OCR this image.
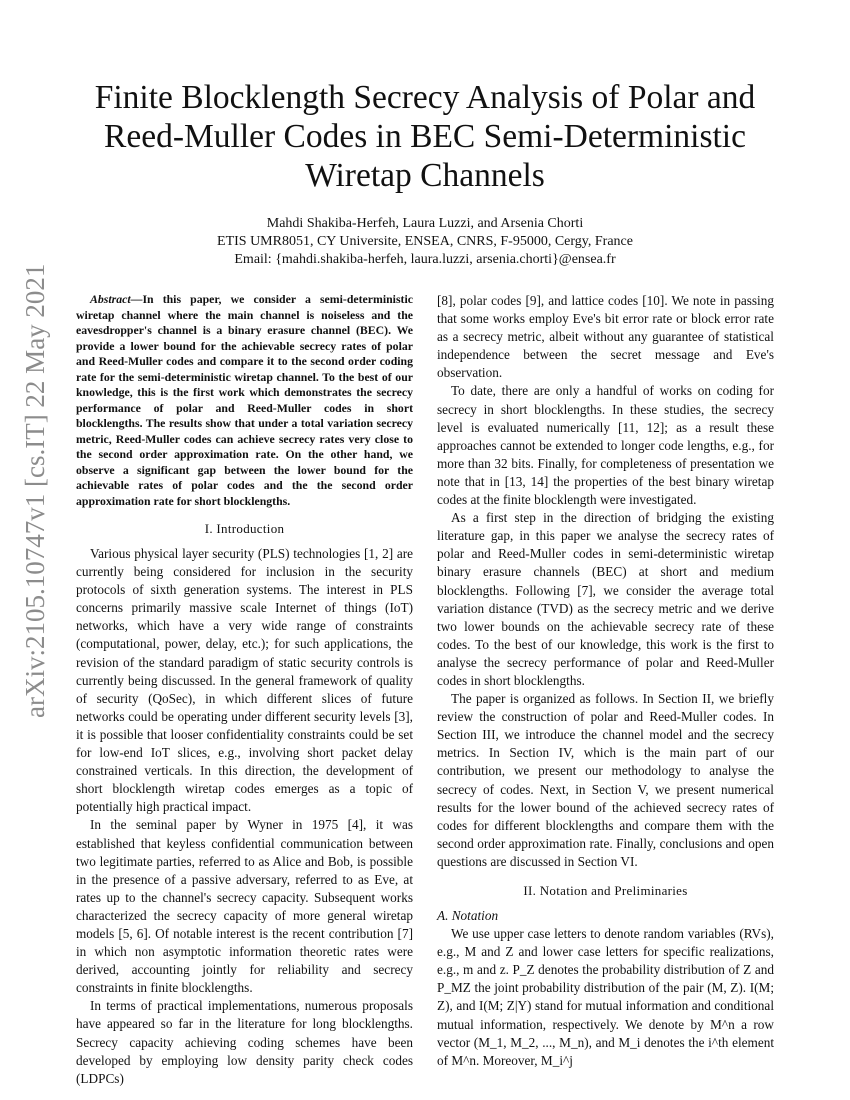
arXiv:2105.10747v1 [cs.IT] 22 May 2021
Finite Blocklength Secrecy Analysis of Polar and Reed-Muller Codes in BEC Semi-Deterministic Wiretap Channels
Mahdi Shakiba-Herfeh, Laura Luzzi, and Arsenia Chorti
ETIS UMR8051, CY Universite, ENSEA, CNRS, F-95000, Cergy, France
Email: {mahdi.shakiba-herfeh, laura.luzzi, arsenia.chorti}@ensea.fr

Abstract—In this paper, we consider a semi-deterministic wiretap channel where the main channel is noiseless and the eavesdropper's channel is a binary erasure channel (BEC). We provide a lower bound for the achievable secrecy rates of polar and Reed-Muller codes and compare it to the second order coding rate for the semi-deterministic wiretap channel. To the best of our knowledge, this is the first work which demonstrates the secrecy performance of polar and Reed-Muller codes in short blocklengths. The results show that under a total variation secrecy metric, Reed-Muller codes can achieve secrecy rates very close to the second order approximation rate. On the other hand, we observe a significant gap between the lower bound for the achievable rates of polar codes and the the second order approximation rate for short blocklengths.

I. Introduction

Various physical layer security (PLS) technologies [1, 2] are currently being considered for inclusion in the security protocols of sixth generation systems. The interest in PLS concerns primarily massive scale Internet of things (IoT) networks, which have a very wide range of constraints (computational, power, delay, etc.); for such applications, the revision of the standard paradigm of static security controls is currently being discussed. In the general framework of quality of security (QoSec), in which different slices of future networks could be operating under different security levels [3], it is possible that looser confidentiality constraints could be set for low-end IoT slices, e.g., involving short packet delay constrained verticals. In this direction, the development of short blocklength wiretap codes emerges as a topic of potentially high practical impact.

In the seminal paper by Wyner in 1975 [4], it was established that keyless confidential communication between two legitimate parties, referred to as Alice and Bob, is possible in the presence of a passive adversary, referred to as Eve, at rates up to the channel's secrecy capacity. Subsequent works characterized the secrecy capacity of more general wiretap models [5, 6]. Of notable interest is the recent contribution [7] in which non asymptotic information theoretic rates were derived, accounting jointly for reliability and secrecy constraints in finite blocklengths.

In terms of practical implementations, numerous proposals have appeared so far in the literature for long blocklengths. Secrecy capacity achieving coding schemes have been developed by employing low density parity check codes (LDPCs)

[8], polar codes [9], and lattice codes [10]. We note in passing that some works employ Eve's bit error rate or block error rate as a secrecy metric, albeit without any guarantee of statistical independence between the secret message and Eve's observation.

To date, there are only a handful of works on coding for secrecy in short blocklengths. In these studies, the secrecy level is evaluated numerically [11, 12]; as a result these approaches cannot be extended to longer code lengths, e.g., for more than 32 bits. Finally, for completeness of presentation we note that in [13, 14] the properties of the best binary wiretap codes at the finite blocklength were investigated.

As a first step in the direction of bridging the existing literature gap, in this paper we analyse the secrecy rates of polar and Reed-Muller codes in semi-deterministic wiretap binary erasure channels (BEC) at short and medium blocklengths. Following [7], we consider the average total variation distance (TVD) as the secrecy metric and we derive two lower bounds on the achievable secrecy rate of these codes. To the best of our knowledge, this work is the first to analyse the secrecy performance of polar and Reed-Muller codes in short blocklengths.

The paper is organized as follows. In Section II, we briefly review the construction of polar and Reed-Muller codes. In Section III, we introduce the channel model and the secrecy metrics. In Section IV, which is the main part of our contribution, we present our methodology to analyse the secrecy of codes. Next, in Section V, we present numerical results for the lower bound of the achieved secrecy rates of codes for different blocklengths and compare them with the second order approximation rate. Finally, conclusions and open questions are discussed in Section VI.

II. Notation and Preliminaries

A. Notation

We use upper case letters to denote random variables (RVs), e.g., M and Z and lower case letters for specific realizations, e.g., m and z. P_Z denotes the probability distribution of Z and P_MZ the joint probability distribution of the pair (M, Z). I(M; Z), and I(M; Z|Y) stand for mutual information and conditional mutual information, respectively. We denote by M^n a row vector (M_1, M_2, ..., M_n), and M_i denotes the i^th element of M^n. Moreover, M_i^j
